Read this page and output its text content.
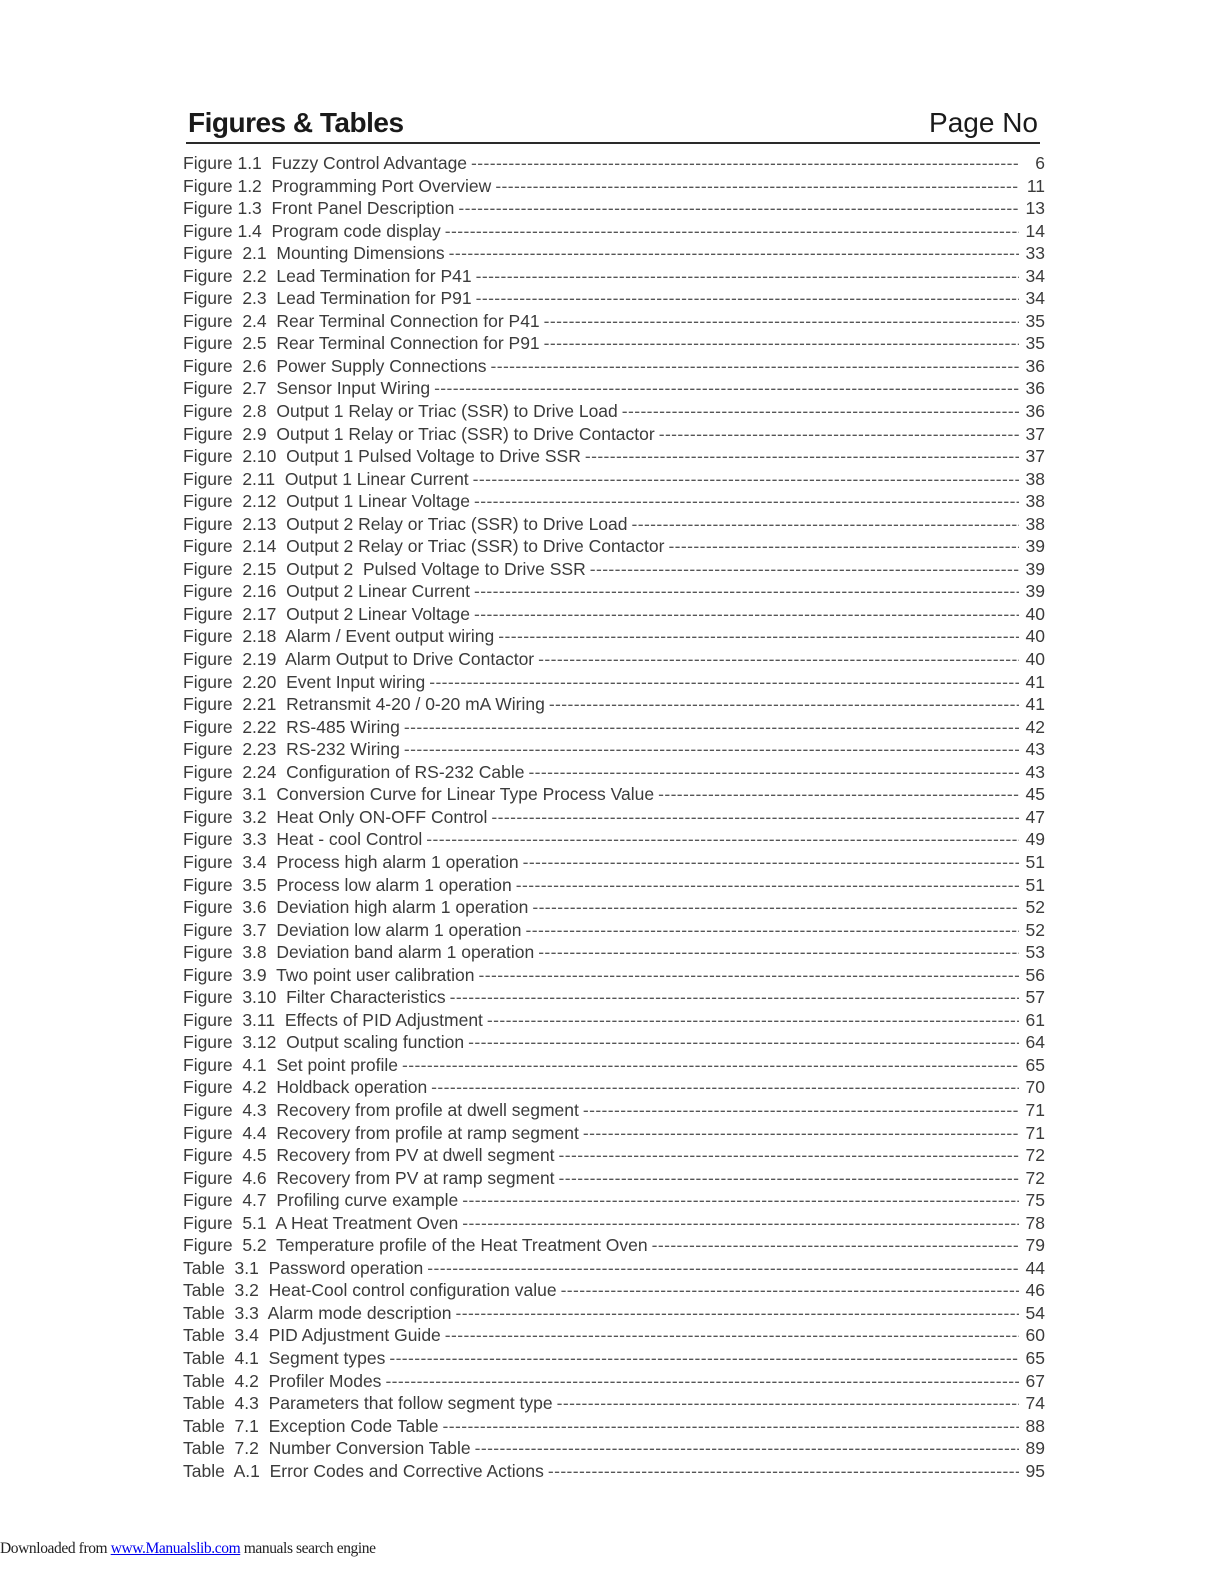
Figures & Tables	Page No
Figure 1.1  Fuzzy Control Advantage -----	6
Figure 1.2  Programming Port Overview -----	11
Figure 1.3  Front Panel Description -----	13
Figure 1.4  Program code display -----	14
Figure  2.1  Mounting Dimensions -----	33
Figure  2.2  Lead Termination for P41 -----	34
Figure  2.3  Lead Termination for P91 -----	34
Figure  2.4  Rear Terminal Connection for P41 -----	35
Figure  2.5  Rear Terminal Connection for P91 -----	35
Figure  2.6  Power Supply Connections -----	36
Figure  2.7  Sensor Input Wiring -----	36
Figure  2.8  Output 1 Relay or Triac (SSR) to Drive Load -----	36
Figure  2.9  Output 1 Relay or Triac (SSR) to Drive Contactor -----	37
Figure  2.10  Output 1 Pulsed Voltage to Drive SSR -----	37
Figure  2.11  Output 1 Linear Current -----	38
Figure  2.12  Output 1 Linear Voltage -----	38
Figure  2.13  Output 2 Relay or Triac (SSR) to Drive Load -----	38
Figure  2.14  Output 2 Relay or Triac (SSR) to Drive Contactor -----	39
Figure  2.15  Output 2  Pulsed Voltage to Drive SSR -----	39
Figure  2.16  Output 2 Linear Current -----	39
Figure  2.17  Output 2 Linear Voltage -----	40
Figure  2.18  Alarm / Event output wiring -----	40
Figure  2.19  Alarm Output to Drive Contactor -----	40
Figure  2.20  Event Input wiring -----	41
Figure  2.21  Retransmit 4-20 / 0-20 mA Wiring -----	41
Figure  2.22  RS-485 Wiring -----	42
Figure  2.23  RS-232 Wiring -----	43
Figure  2.24  Configuration of RS-232 Cable -----	43
Figure  3.1  Conversion Curve for Linear Type Process Value -----	45
Figure  3.2  Heat Only ON-OFF Control -----	47
Figure  3.3  Heat - cool Control -----	49
Figure  3.4  Process high alarm 1 operation -----	51
Figure  3.5  Process low alarm 1 operation -----	51
Figure  3.6  Deviation high alarm 1 operation -----	52
Figure  3.7  Deviation low alarm 1 operation -----	52
Figure  3.8  Deviation band alarm 1 operation -----	53
Figure  3.9  Two point user calibration -----	56
Figure  3.10  Filter Characteristics -----	57
Figure  3.11  Effects of PID Adjustment -----	61
Figure  3.12  Output scaling function -----	64
Figure  4.1  Set point profile -----	65
Figure  4.2  Holdback operation -----	70
Figure  4.3  Recovery from profile at dwell segment -----	71
Figure  4.4  Recovery from profile at ramp segment -----	71
Figure  4.5  Recovery from PV at dwell segment -----	72
Figure  4.6  Recovery from PV at ramp segment -----	72
Figure  4.7  Profiling curve example -----	75
Figure  5.1  A Heat Treatment Oven -----	78
Figure  5.2  Temperature profile of the Heat Treatment Oven -----	79
Table  3.1  Password operation -----	44
Table  3.2  Heat-Cool control configuration value -----	46
Table  3.3  Alarm mode description -----	54
Table  3.4  PID Adjustment Guide -----	60
Table  4.1  Segment types -----	65
Table  4.2  Profiler Modes -----	67
Table  4.3  Parameters that follow segment type -----	74
Table  7.1  Exception Code Table -----	88
Table  7.2  Number Conversion Table -----	89
Table  A.1  Error Codes and Corrective Actions -----	95
Downloaded from www.Manualslib.com manuals search engine
